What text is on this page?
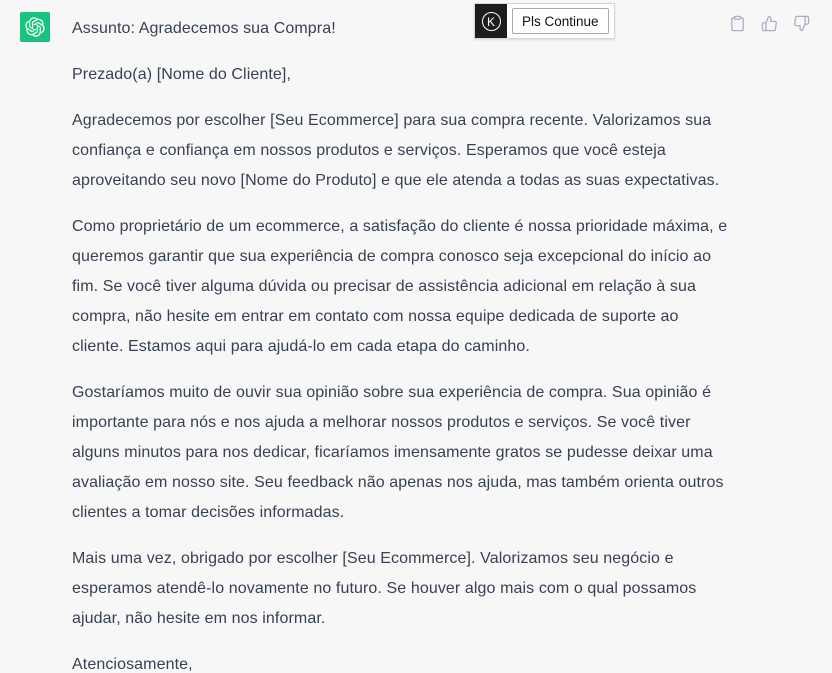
Assunto: Agradecemos sua Compra!

Prezado(a) [Nome do Cliente],

Agradecemos por escolher [Seu Ecommerce] para sua compra recente. Valorizamos sua confiança e confiança em nossos produtos e serviços. Esperamos que você esteja aproveitando seu novo [Nome do Produto] e que ele atenda a todas as suas expectativas.

Como proprietário de um ecommerce, a satisfação do cliente é nossa prioridade máxima, e queremos garantir que sua experiência de compra conosco seja excepcional do início ao fim. Se você tiver alguma dúvida ou precisar de assistência adicional em relação à sua compra, não hesite em entrar em contato com nossa equipe dedicada de suporte ao cliente. Estamos aqui para ajudá-lo em cada etapa do caminho.

Gostaríamos muito de ouvir sua opinião sobre sua experiência de compra. Sua opinião é importante para nós e nos ajuda a melhorar nossos produtos e serviços. Se você tiver alguns minutos para nos dedicar, ficaríamos imensamente gratos se pudesse deixar uma avaliação em nosso site. Seu feedback não apenas nos ajuda, mas também orienta outros clientes a tomar decisões informadas.

Mais uma vez, obrigado por escolher [Seu Ecommerce]. Valorizamos seu negócio e esperamos atendê-lo novamente no futuro. Se houver algo mais com o qual possamos ajudar, não hesite em nos informar.

Atenciosamente,

K	Pls Continue
